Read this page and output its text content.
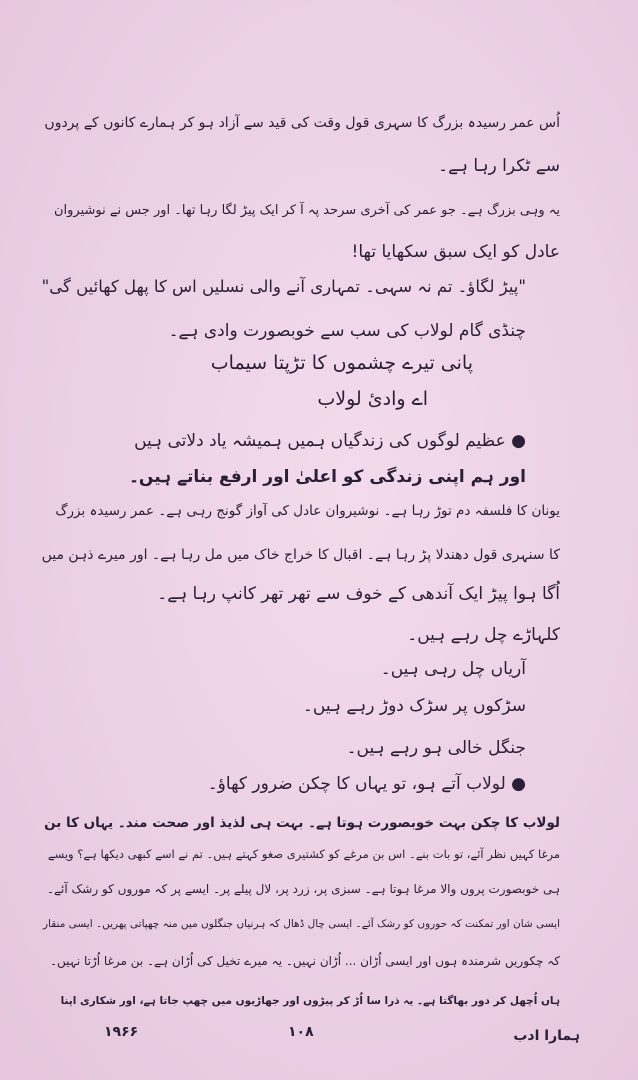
اُس عمر رسیدہ بزرگ کا سہری قول وقت کی قید سے آزاد ہو کر ہمارے کانوں کے پردوں
سے ٹکرا رہا ہے۔
یہ وہی بزرگ ہے۔ جو عمر کی آخری سرحد پہ آ کر ایک پیڑ لگا رہا تھا۔ اور جس نے نوشیروان
عادل کو ایک سبق سکھایا تھا!
"پیڑ لگاؤ۔ تم نہ سہی۔ تمہاری آنے والی نسلیں اس کا پھل کھائیں گی"
چنڈی گام لولاب کی سب سے خوبصورت وادی ہے۔
پانی تیرے چشموں کا تڑپتا سیماب
اے وادیٔ لولاب
● عظیم لوگوں کی زندگیاں ہمیں ہمیشہ یاد دلاتی ہیں
اور ہم اپنی زندگی کو اعلیٰ اور ارفع بناتے ہیں۔
یونان کا فلسفہ دم توڑ رہا ہے۔ نوشیروان عادل کی آواز گونج رہی ہے۔ عمر رسیدہ بزرگ
کا سنہری قول دھندلا پڑ رہا ہے۔ اقبال کا خراج خاک میں مل رہا ہے۔ اور میرے ذہن میں
اُگا ہوا پیڑ ایک آندھی کے خوف سے تھر تھر کانپ رہا ہے۔
کلہاڑے چل رہے ہیں۔
آریاں چل رہی ہیں۔
سڑکوں پر سڑک دوڑ رہے ہیں۔
جنگل خالی ہو رہے ہیں۔
● لولاب آتے ہو، تو یہاں کا چکن ضرور کھاؤ۔
لولاب کا چکن بہت خوبصورت ہوتا ہے۔ بہت ہی لذیذ اور صحت مند۔ یہاں کا بن
مرغا کہیں نظر آئے، تو بات بنے۔ اس بن مرغے کو کشتیری صغو کہتے ہیں۔ تم نے اسے کبھی دیکھا ہے؟ ویسے
ہی خوبصورت پروں والا مرغا ہوتا ہے۔ سبزی پر، زرد پر، لال پیلے پر۔ ایسے پر کہ موروں کو رشک آئے۔
ایسی شان اور تمکنت کہ حوروں کو رشک آئے۔ ایسی چال ڈھال کہ ہرنیاں جنگلوں میں منہ چھپاتی پھریں۔ ایسی منقار
کہ چکوریں شرمندہ ہوں اور ایسی اُڑان ... اُڑان نہیں۔ یہ میرے تخیل کی اُڑان ہے۔ بن مرغا اُڑتا نہیں۔
ہاں اُچھل کر دور بھاگتا ہے۔ یہ ذرا سا اُڑ کر پیڑوں اور جھاڑیوں میں چھپ جاتا ہے، اور شکاری اپنا
ہمارا ادب
۱۰۸
۱۹۶۶
